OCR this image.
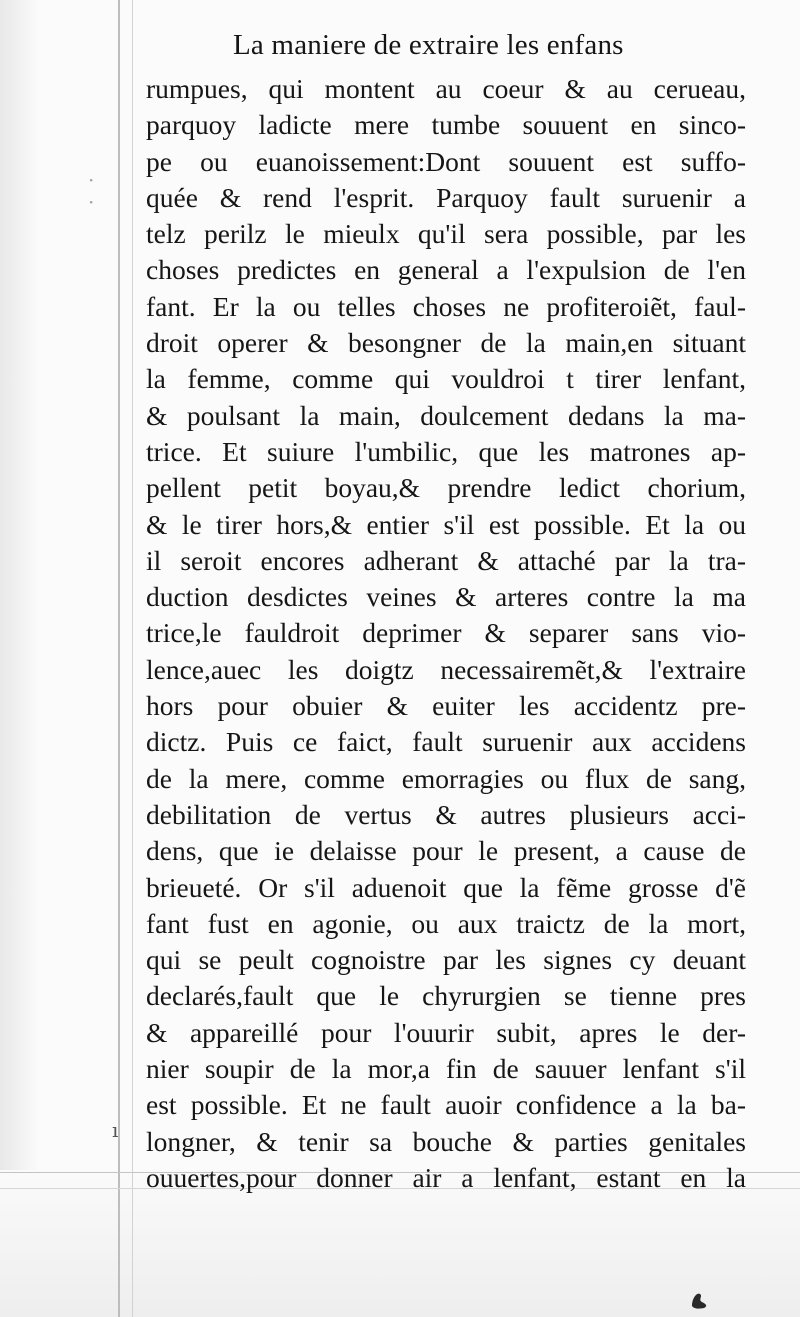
·
·
ı
La maniere de extraire les enfans
rumpues, qui montent au coeur & au cerueau,
parquoy ladicte mere tumbe souuent en sinco-
pe ou euanoissement:Dont souuent est suffo-
quée & rend l'esprit. Parquoy fault suruenir a
telz perilz le mieulx qu'il sera possible, par les
choses predictes en general a l'expulsion de l'en
fant. Er la ou telles choses ne profiteroiẽt, faul-
droit operer & besongner de la main,en situant
la femme, comme qui vouldroi t tirer lenfant,
& poulsant la main, doulcement dedans la ma-
trice. Et suiure l'umbilic, que les matrones ap-
pellent petit boyau,& prendre ledict chorium,
& le tirer hors,& entier s'il est possible. Et la ou
il seroit encores adherant & attaché par la tra-
duction desdictes veines & arteres contre la ma
trice,le fauldroit deprimer & separer sans vio-
lence,auec les doigtz necessairemẽt,& l'extraire
hors pour obuier & euiter les accidentz pre-
dictz. Puis ce faict, fault suruenir aux accidens
de la mere, comme emorragies ou flux de sang,
debilitation de vertus & autres plusieurs acci-
dens, que ie delaisse pour le present, a cause de
brieueté. Or s'il aduenoit que la fẽme grosse d'ẽ
fant fust en agonie, ou aux traictz de la mort,
qui se peult cognoistre par les signes cy deuant
declarés,fault que le chyrurgien se tienne pres
& appareillé pour l'ouurir subit, apres le der-
nier soupir de la mor,a fin de sauuer lenfant s'il
est possible. Et ne fault auoir confidence a la ba-
longner, & tenir sa bouche & parties genitales
ouuertes,pour donner air a lenfant, estant en la
